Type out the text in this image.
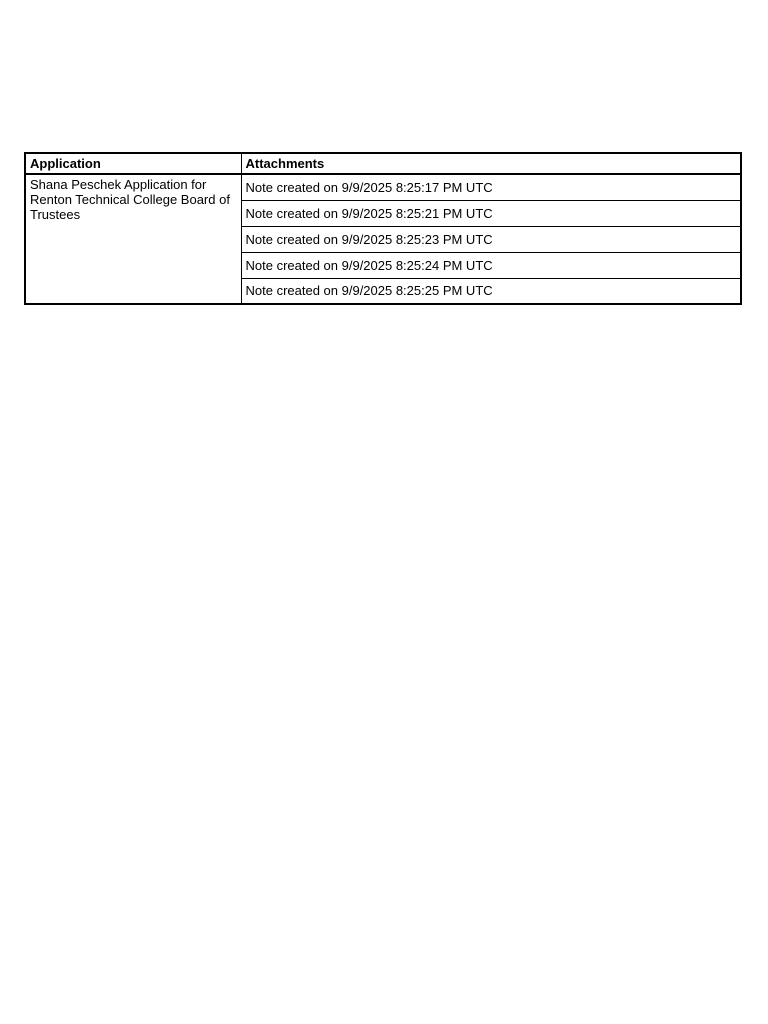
Application	Attachments
Shana Peschek Application for Renton Technical College Board of Trustees	Note created on 9/9/2025 8:25:17 PM UTC
	Note created on 9/9/2025 8:25:21 PM UTC
	Note created on 9/9/2025 8:25:23 PM UTC
	Note created on 9/9/2025 8:25:24 PM UTC
	Note created on 9/9/2025 8:25:25 PM UTC
